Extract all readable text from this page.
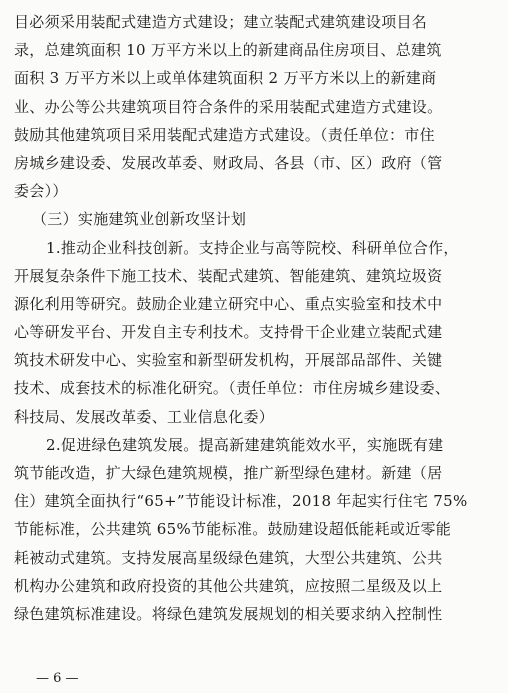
目必须采用装配式建造方式建设；建立装配式建筑建设项目名
录，总建筑面积 10 万平方米以上的新建商品住房项目、总建筑
面积 3 万平方米以上或单体建筑面积 2 万平方米以上的新建商
业、办公等公共建筑项目符合条件的采用装配式建造方式建设。
鼓励其他建筑项目采用装配式建造方式建设。（责任单位：市住
房城乡建设委、发展改革委、财政局、各县（市、区）政府（管
委会））
（三）实施建筑业创新攻坚计划
1.推动企业科技创新。支持企业与高等院校、科研单位合作，
开展复杂条件下施工技术、装配式建筑、智能建筑、建筑垃圾资
源化利用等研究。鼓励企业建立研究中心、重点实验室和技术中
心等研发平台、开发自主专利技术。支持骨干企业建立装配式建
筑技术研发中心、实验室和新型研发机构，开展部品部件、关键
技术、成套技术的标准化研究。（责任单位：市住房城乡建设委、
科技局、发展改革委、工业信息化委）
2.促进绿色建筑发展。提高新建建筑能效水平，实施既有建
筑节能改造，扩大绿色建筑规模，推广新型绿色建材。新建（居
住）建筑全面执行“65+”节能设计标准，2018 年起实行住宅 75%
节能标准，公共建筑 65%节能标准。鼓励建设超低能耗或近零能
耗被动式建筑。支持发展高星级绿色建筑，大型公共建筑、公共
机构办公建筑和政府投资的其他公共建筑，应按照二星级及以上
绿色建筑标准建设。将绿色建筑发展规划的相关要求纳入控制性
— 6 —
